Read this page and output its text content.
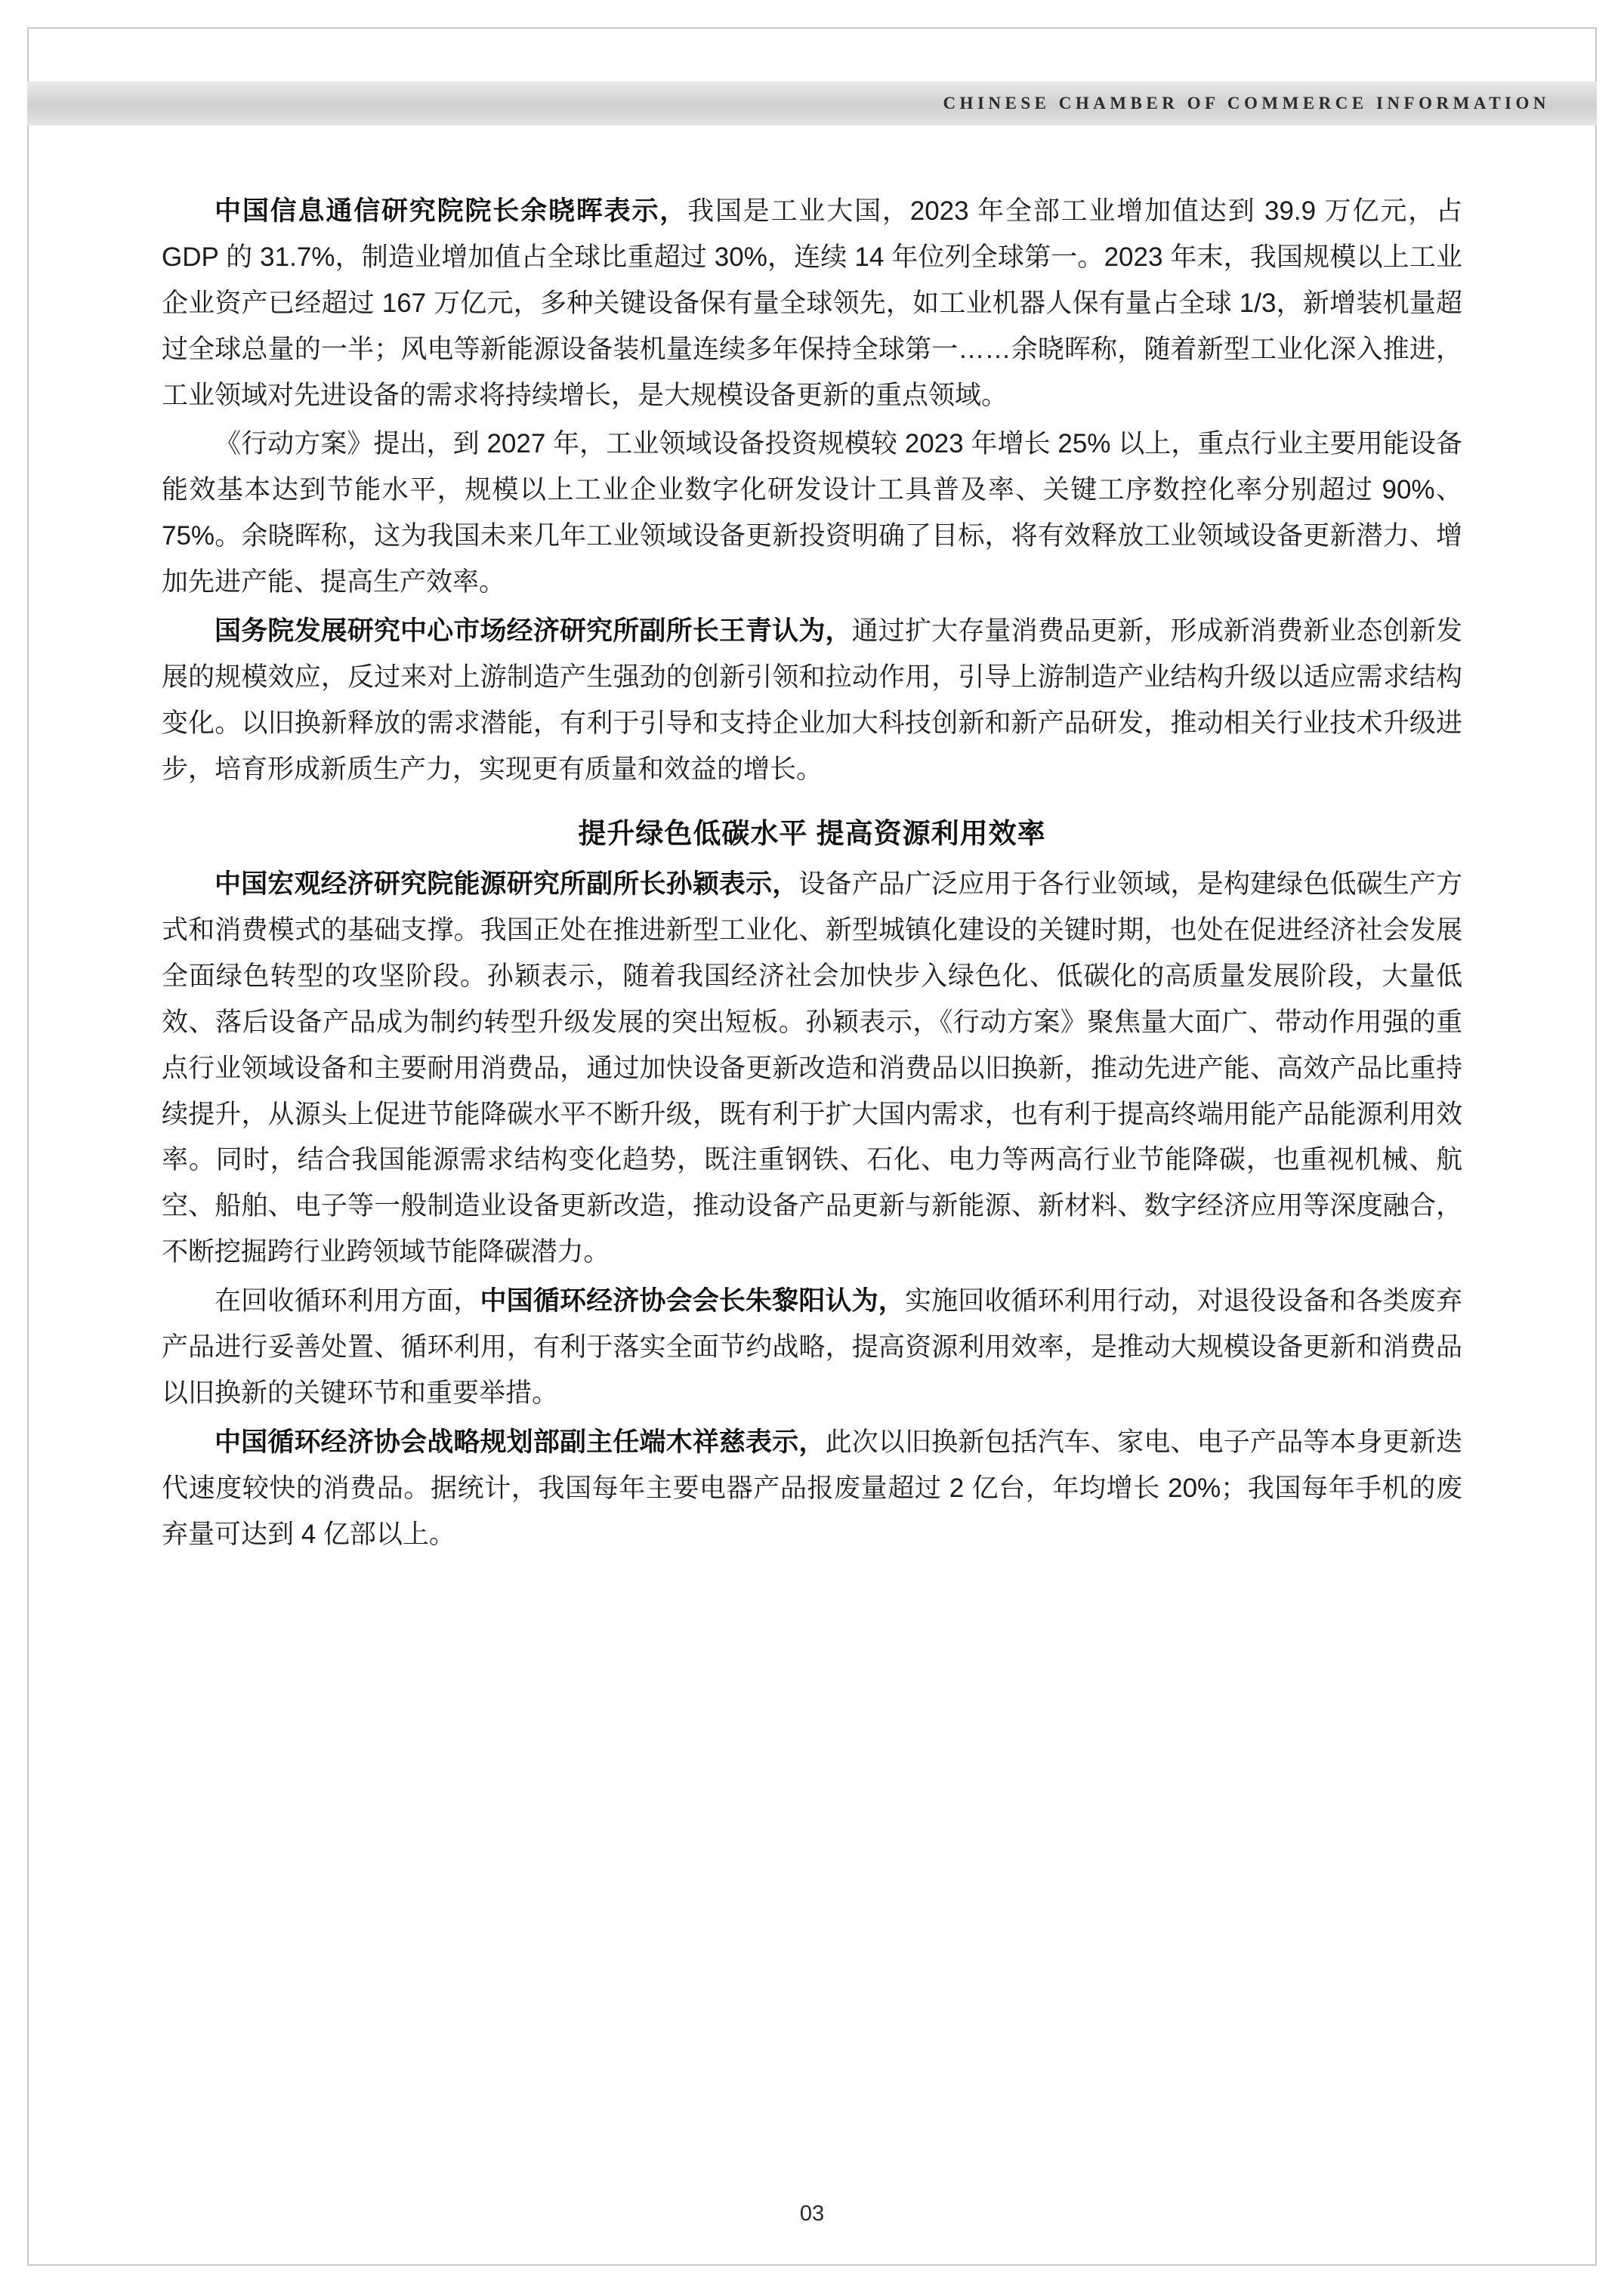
CHINESE CHAMBER OF COMMERCE INFORMATION

中国信息通信研究院院长余晓晖表示，我国是工业大国，2023 年全部工业增加值达到 39.9 万亿元，占 GDP 的 31.7%，制造业增加值占全球比重超过 30%，连续 14 年位列全球第一。2023 年末，我国规模以上工业企业资产已经超过 167 万亿元，多种关键设备保有量全球领先，如工业机器人保有量占全球 1/3，新增装机量超过全球总量的一半；风电等新能源设备装机量连续多年保持全球第一……余晓晖称，随着新型工业化深入推进，工业领域对先进设备的需求将持续增长，是大规模设备更新的重点领域。

《行动方案》提出，到 2027 年，工业领域设备投资规模较 2023 年增长 25% 以上，重点行业主要用能设备能效基本达到节能水平，规模以上工业企业数字化研发设计工具普及率、关键工序数控化率分别超过 90%、75%。余晓晖称，这为我国未来几年工业领域设备更新投资明确了目标，将有效释放工业领域设备更新潜力、增加先进产能、提高生产效率。

国务院发展研究中心市场经济研究所副所长王青认为，通过扩大存量消费品更新，形成新消费新业态创新发展的规模效应，反过来对上游制造产生强劲的创新引领和拉动作用，引导上游制造产业结构升级以适应需求结构变化。以旧换新释放的需求潜能，有利于引导和支持企业加大科技创新和新产品研发，推动相关行业技术升级进步，培育形成新质生产力，实现更有质量和效益的增长。

提升绿色低碳水平 提高资源利用效率

中国宏观经济研究院能源研究所副所长孙颖表示，设备产品广泛应用于各行业领域，是构建绿色低碳生产方式和消费模式的基础支撑。我国正处在推进新型工业化、新型城镇化建设的关键时期，也处在促进经济社会发展全面绿色转型的攻坚阶段。孙颖表示，随着我国经济社会加快步入绿色化、低碳化的高质量发展阶段，大量低效、落后设备产品成为制约转型升级发展的突出短板。孙颖表示，《行动方案》聚焦量大面广、带动作用强的重点行业领域设备和主要耐用消费品，通过加快设备更新改造和消费品以旧换新，推动先进产能、高效产品比重持续提升，从源头上促进节能降碳水平不断升级，既有利于扩大国内需求，也有利于提高终端用能产品能源利用效率。同时，结合我国能源需求结构变化趋势，既注重钢铁、石化、电力等两高行业节能降碳，也重视机械、航空、船舶、电子等一般制造业设备更新改造，推动设备产品更新与新能源、新材料、数字经济应用等深度融合，不断挖掘跨行业跨领域节能降碳潜力。

在回收循环利用方面，中国循环经济协会会长朱黎阳认为，实施回收循环利用行动，对退役设备和各类废弃产品进行妥善处置、循环利用，有利于落实全面节约战略，提高资源利用效率，是推动大规模设备更新和消费品以旧换新的关键环节和重要举措。

中国循环经济协会战略规划部副主任端木祥慈表示，此次以旧换新包括汽车、家电、电子产品等本身更新迭代速度较快的消费品。据统计，我国每年主要电器产品报废量超过 2 亿台，年均增长 20%；我国每年手机的废弃量可达到 4 亿部以上。

03
